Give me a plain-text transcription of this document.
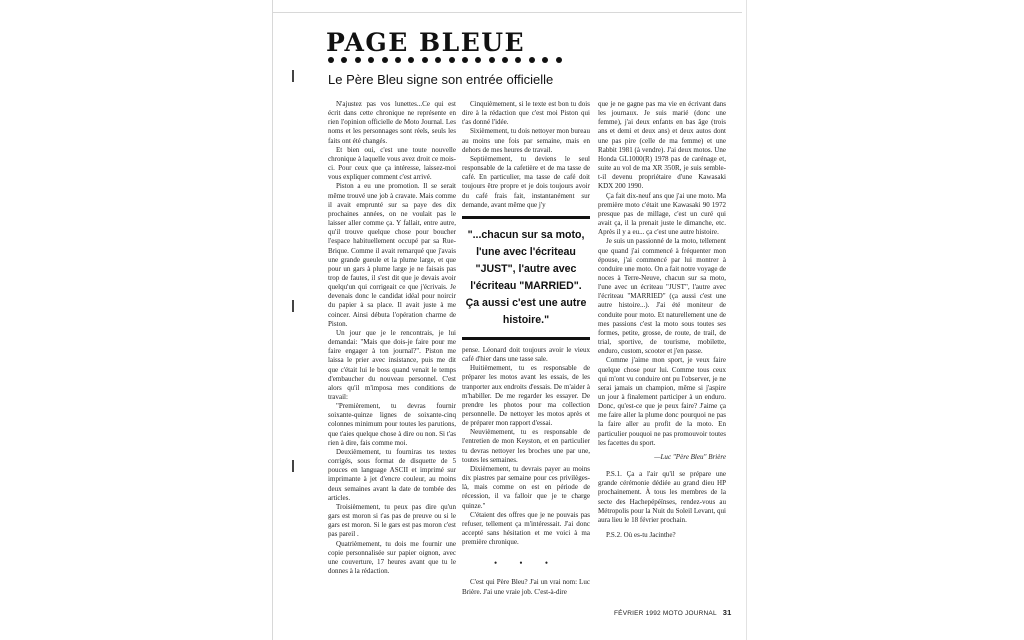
PAGE BLEUE
Le Père Bleu signe son entrée officielle

N'ajustez pas vos lunettes...Ce qui est écrit dans cette chronique ne représente en rien l'opinion officielle de Moto Journal. Les noms et les personnages sont réels, seuls les faits ont été changés.

Et bien oui, c'est une toute nouvelle chronique à laquelle vous avez droit ce mois-ci. Pour ceux que ça intéresse, laissez-moi vous expliquer comment c'est arrivé.

Piston a eu une promotion. Il se serait même trouvé une job à cravate. Mais comme il avait emprunté sur sa paye des dix prochaines années, on ne voulait pas le laisser aller comme ça. Y fallait, entre autre, qu'il trouve quelque chose pour boucher l'espace habituellement occupé par sa Rue-Brique. Comme il avait remarqué que j'avais une grande gueule et la plume large, et que pour un gars à plume large je ne faisais pas trop de fautes, il s'est dit que je devais avoir quelqu'un qui corrigeait ce que j'écrivais. Je devenais donc le candidat idéal pour noircir du papier à sa place. Il avait juste à me coincer. Ainsi débuta l'opération charme de Piston.

Un jour que je le rencontrais, je lui demandai: "Mais que dois-je faire pour me faire engager à ton journal?". Piston me laissa le prier avec insistance, puis me dit que c'était lui le boss quand venait le temps d'embaucher du nouveau personnel. C'est alors qu'il m'imposa mes conditions de travail:

"Premièrement, tu devras fournir soixante-quinze lignes de soixante-cinq colonnes minimum pour toutes les parutions, que t'aies quelque chose à dire ou non. Si t'as rien à dire, fais comme moi.

Deuxièmement, tu fourniras tes textes corrigés, sous format de disquette de 5 pouces en language ASCII et imprimé sur imprimante à jet d'encre couleur, au moins deux semaines avant la date de tombée des articles.

Troisièmement, tu peux pas dire qu'un gars est moron si t'as pas de preuve ou si le gars est moron. Si le gars est pas moron c'est pas pareil .

Quatrièmement, tu dois me fournir une copie personnalisée sur papier oignon, avec une couverture, 17 heures avant que tu le donnes à la rédaction.

Cinquièmement, si le texte est bon tu dois dire à la rédaction que c'est moi Piston qui t'as donné l'idée.

Sixièmement, tu dois nettoyer mon bureau au moins une fois par semaine, mais en dehors de mes heures de travail.

Septièmement, tu deviens le seul responsable de la cafetière et de ma tasse de café. En particulier, ma tasse de café doit toujours être propre et je dois toujours avoir du café frais fait, instantanément sur demande, avant même que j'y

"...chacun sur sa moto, l'une avec l'écriteau "JUST", l'autre avec l'écriteau "MARRIED". Ça aussi c'est une autre histoire."

pense. Léonard doit toujours avoir le vieux café d'hier dans une tasse sale.

Huitièmement, tu es responsable de préparer les motos avant les essais, de les tranporter aux endroits d'essais. De m'aider à m'habiller. De me regarder les essayer. De prendre les photos pour ma collection personnelle. De nettoyer les motos après et de préparer mon rapport d'essai.

Neuvièmement, tu es responsable de l'entretien de mon Keyston, et en particulier tu devras nettoyer les broches une par une, toutes les semaines.

Dixièmement, tu devrais payer au moins dix piastres par semaine pour ces privilèges-là, mais comme on est en période de récession, il va falloir que je te charge quinze."

C'étaient des offres que je ne pouvais pas refuser, tellement ça m'intéressait. J'ai donc accepté sans hésitation et me voici à ma première chronique.

• • •

C'est qui Père Bleu? J'ai un vrai nom: Luc Brière. J'ai une vraie job. C'est-à-dire

que je ne gagne pas ma vie en écrivant dans les journaux. Je suis marié (donc une femme), j'ai deux enfants en bas âge (trois ans et demi et deux ans) et deux autos dont une pas pire (celle de ma femme) et une Rabbit 1981 (à vendre). J'ai deux motos. Une Honda GL1000(R) 1978 pas de carénage et, suite au vol de ma XR 350R, je suis semble-t-il devenu propriétaire d'une Kawasaki KDX 200 1990.

Ça fait dix-neuf ans que j'ai une moto. Ma première moto c'était une Kawasaki 90 1972 presque pas de millage, c'est un curé qui avait ça, il la prenait juste le dimanche, etc. Après il y a eu... ça c'est une autre histoire.

Je suis un passionné de la moto, tellement que quand j'ai commencé à fréquenter mon épouse, j'ai commencé par lui montrer à conduire une moto. On a fait notre voyage de noces à Terre-Neuve, chacun sur sa moto, l'une avec un écriteau "JUST", l'autre avec l'écriteau "MARRIED" (ça aussi c'est une autre histoire...). J'ai été moniteur de conduite pour moto. Et naturellement une de mes passions c'est la moto sous toutes ses formes, petite, grosse, de route, de trail, de trial, sportive, de tourisme, mobilette, enduro, custom, scooter et j'en passe.

Comme j'aime mon sport, je veux faire quelque chose pour lui. Comme tous ceux qui m'ont vu conduire ont pu l'observer, je ne serai jamais un champion, même si j'aspire un jour à finalement participer à un enduro. Donc, qu'est-ce que je peux faire? J'aime ça me faire aller la plume donc pourquoi ne pas la faire aller au profit de la moto. En particulier pouquoi ne pas promouvoir toutes les facettes du sport.

—Luc "Père Bleu" Brière

P.S.1. Ça a l'air qu'il se prépare une grande cérémonie dédiée au grand dieu HP prochainement. À tous les membres de la secte des Hachepépéïnses, rendez-vous au Métropolis pour la Nuit du Soleil Levant, qui aura lieu le 18 février prochain.

P.S.2. Où es-tu Jacinthe?

FÉVRIER 1992 MOTO JOURNAL 31
